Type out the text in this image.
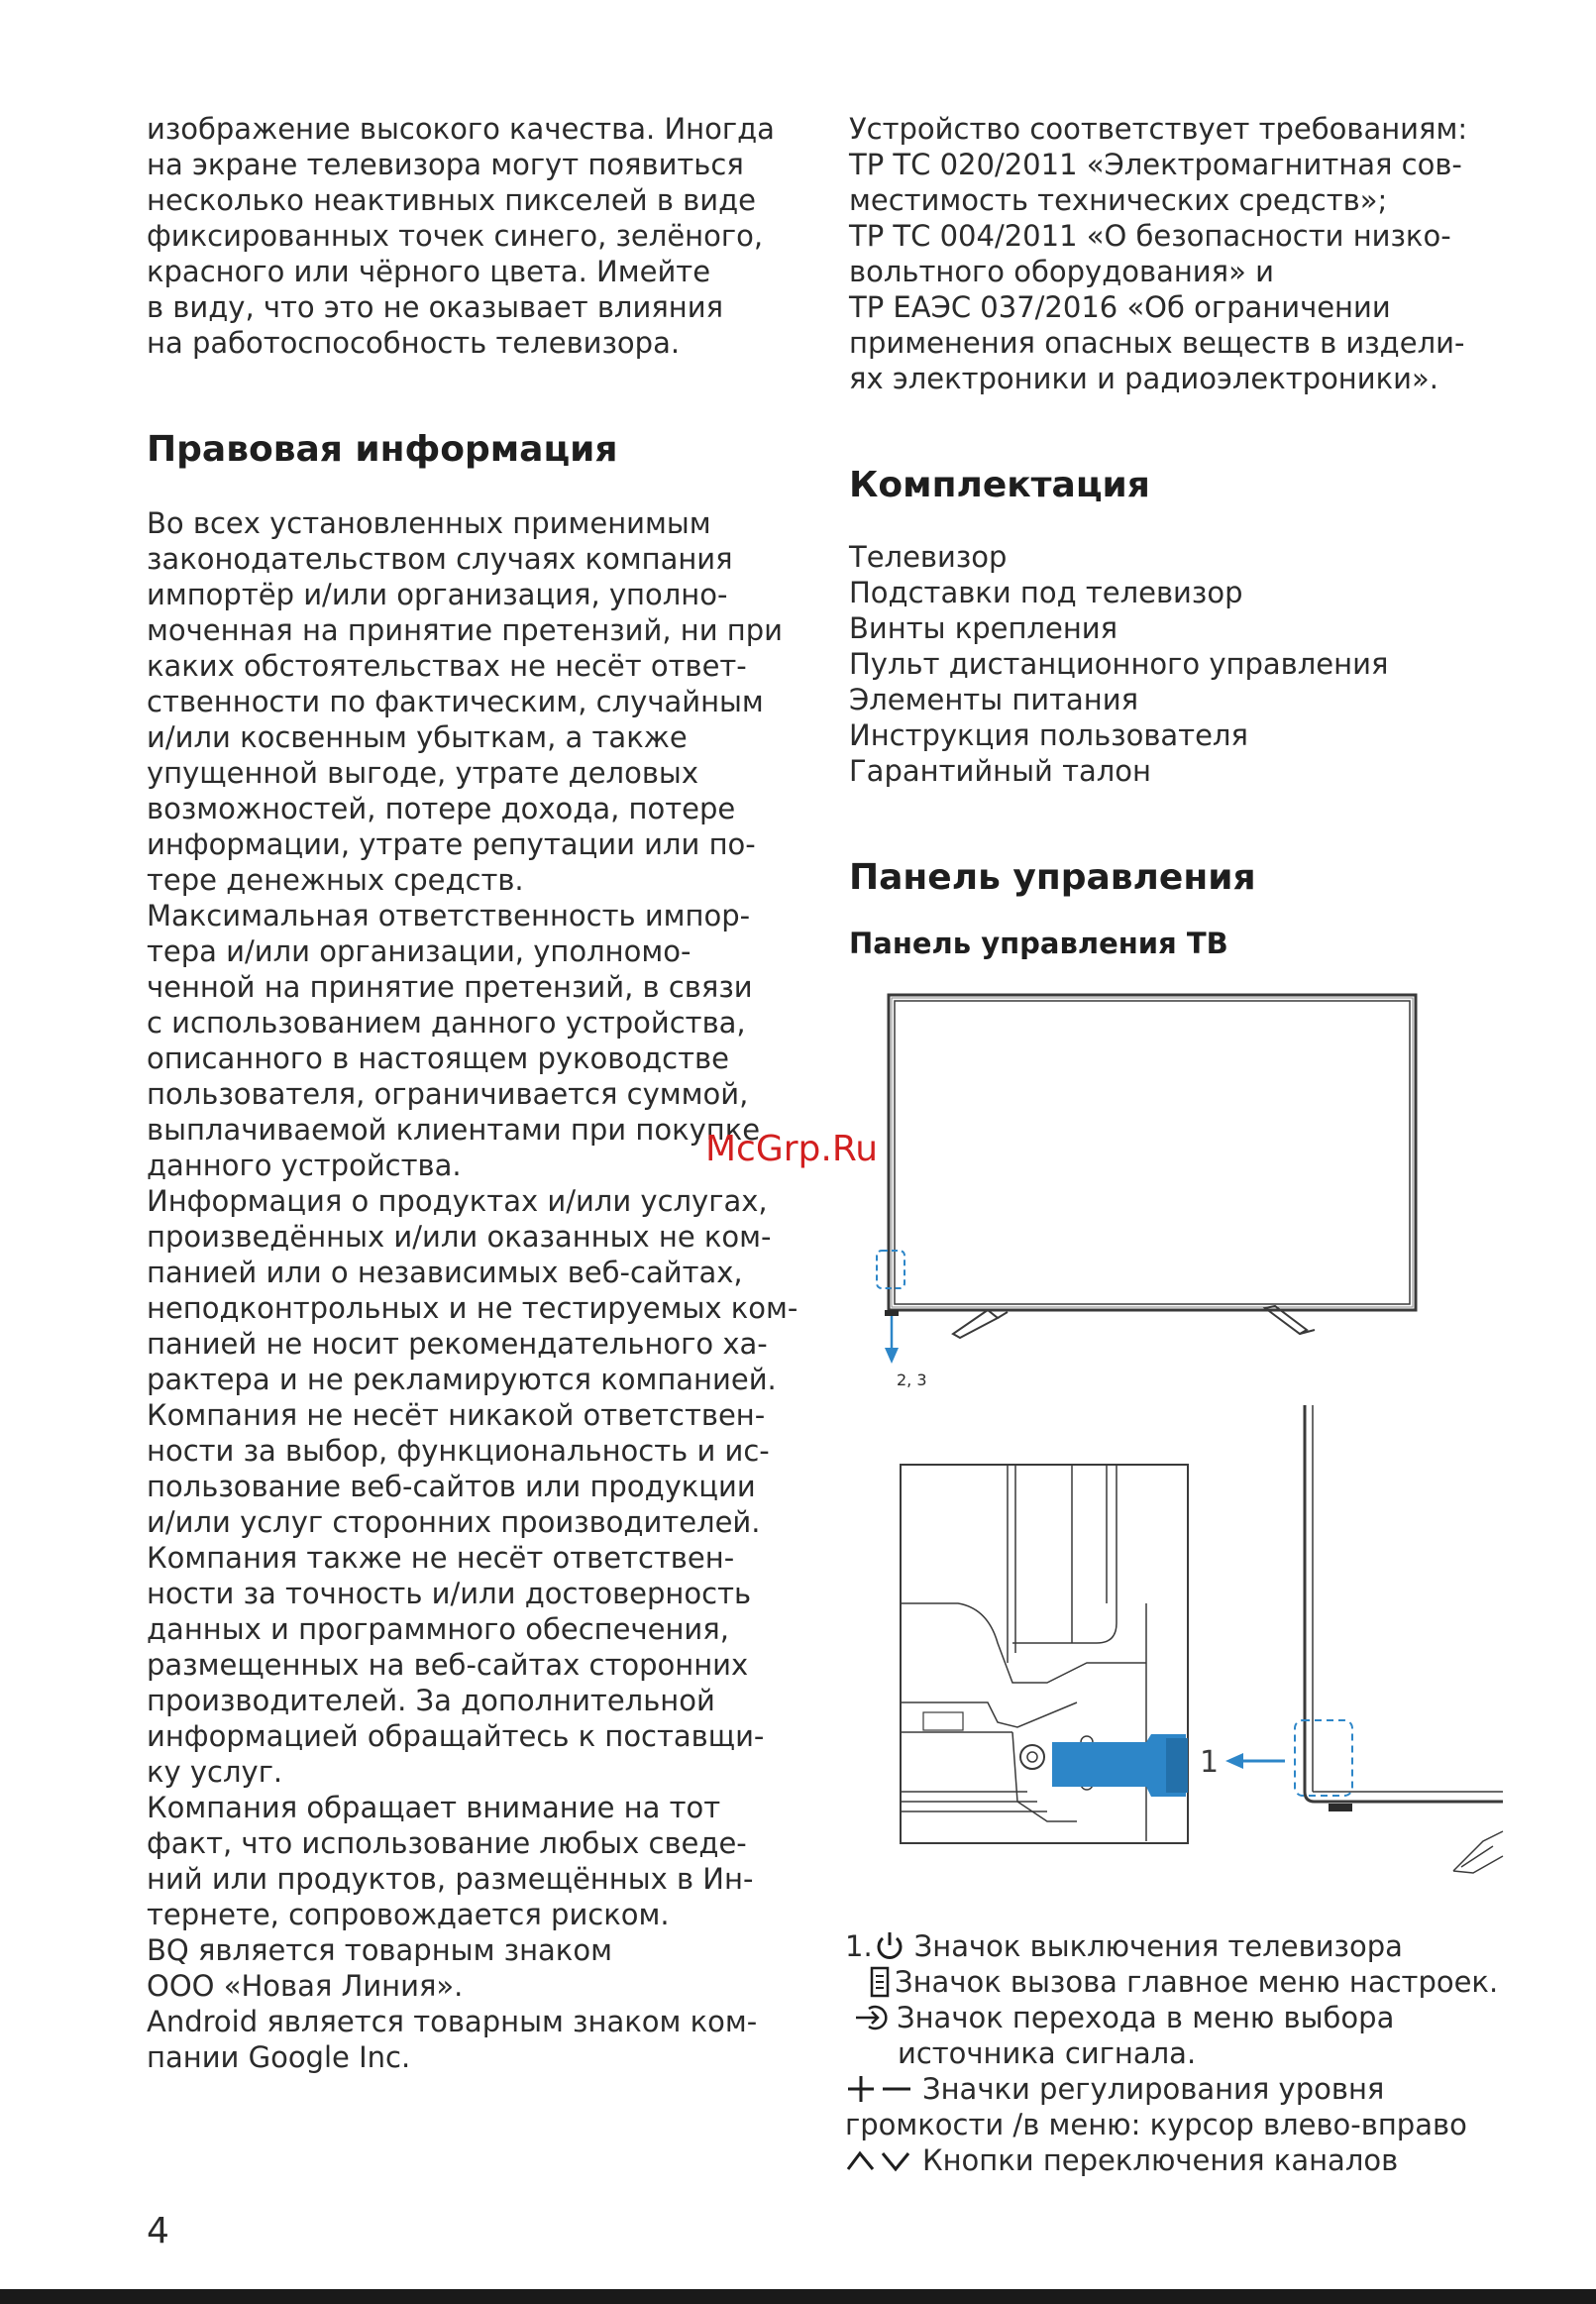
изображение высокого качества. Иногда
на экране телевизора могут появиться
несколько неактивных пикселей в виде
фиксированных точек синего, зелёного,
красного или чёрного цвета. Имейте
в виду, что это не оказывает влияния
на работоспособность телевизора.

Правовая информация

Во всех установленных применимым
законодательством случаях компания
импортёр и/или организация, уполно-
моченная на принятие претензий, ни при
каких обстоятельствах не несёт ответ-
ственности по фактическим, случайным
и/или косвенным убыткам, а также
упущенной выгоде, утрате деловых
возможностей, потере дохода, потере
информации, утрате репутации или по-
тере денежных средств.
Максимальная ответственность импор-
тера и/или организации, уполномо-
ченной на принятие претензий, в связи
с использованием данного устройства,
описанного в настоящем руководстве
пользователя, ограничивается суммой,
выплачиваемой клиентами при покупке
данного устройства.
Информация о продуктах и/или услугах,
произведённых и/или оказанных не ком-
панией или о независимых веб-сайтах,
неподконтрольных и не тестируемых ком-
панией не носит рекомендательного ха-
рактера и не рекламируются компанией.
Компания не несёт никакой ответствен-
ности за выбор, функциональность и ис-
пользование веб-сайтов или продукции
и/или услуг сторонних производителей.
Компания также не несёт ответствен-
ности за точность и/или достоверность
данных и программного обеспечения,
размещенных на веб-сайтах сторонних
производителей. За дополнительной
информацией обращайтесь к поставщи-
ку услуг.
Компания обращает внимание на тот
факт, что использование любых сведе-
ний или продуктов, размещённых в Ин-
тернете, сопровождается риском.
BQ является товарным знаком
ООО «Новая Линия».
Android является товарным знаком ком-
пании Google Inc.

Устройство соответствует требованиям:
ТР ТС 020/2011 «Электромагнитная сов-
местимость технических средств»;
ТР ТС 004/2011 «О безопасности низко-
вольтного оборудования» и
ТР ЕАЭС 037/2016 «Об ограничении
применения опасных веществ в издели-
ях электроники и радиоэлектроники».

Комплектация
Телевизор
Подставки под телевизор
Винты крепления
Пульт дистанционного управления
Элементы питания
Инструкция пользователя
Гарантийный талон
Панель управления
Панель управления ТВ
2, 3

1
1. Значок выключения телевизора
Значок вызова главное меню настроек.
Значок перехода в меню выбора
источника сигнала.
Значки регулирования уровня
громкости /в меню: курсор влево-вправо
Кнопки переключения каналов
McGrp.Ru
4
